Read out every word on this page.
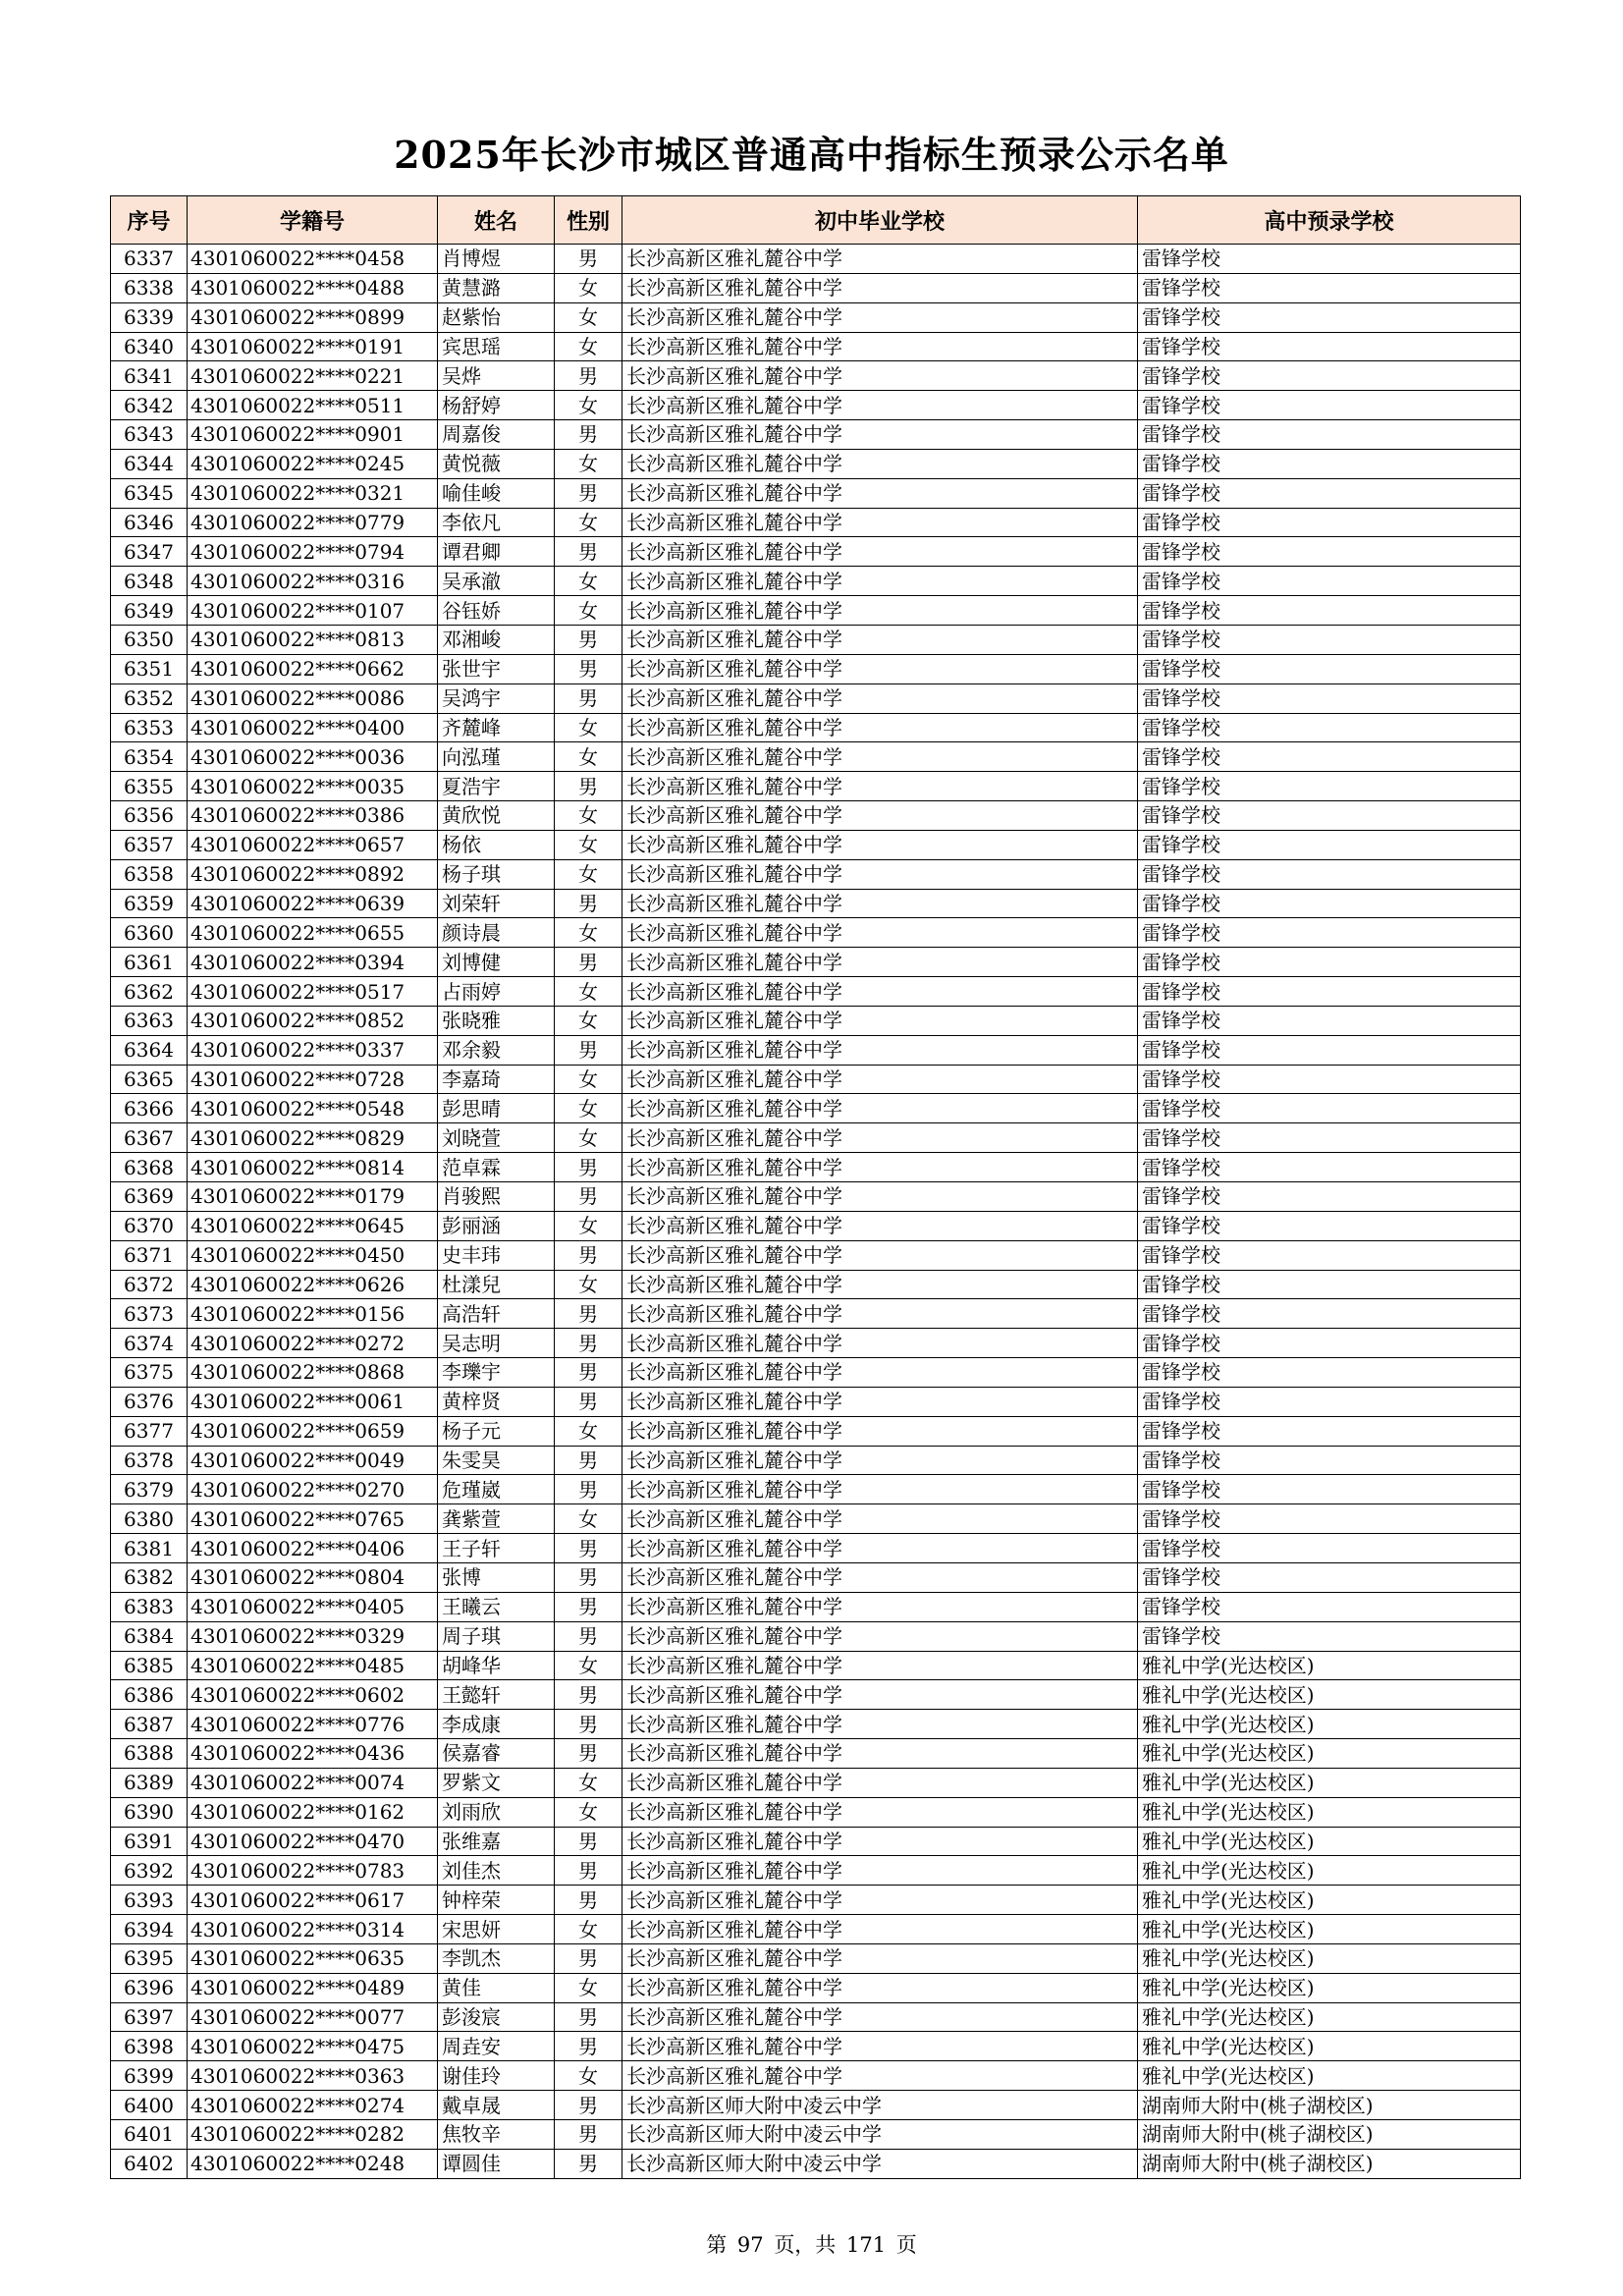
2025年长沙市城区普通高中指标生预录公示名单
序号	学籍号	姓名	性别	初中毕业学校	高中预录学校
6337	4301060022****0458	肖博煜	男	长沙高新区雅礼麓谷中学	雷锋学校
6338	4301060022****0488	黄慧潞	女	长沙高新区雅礼麓谷中学	雷锋学校
6339	4301060022****0899	赵紫怡	女	长沙高新区雅礼麓谷中学	雷锋学校
6340	4301060022****0191	宾思瑶	女	长沙高新区雅礼麓谷中学	雷锋学校
6341	4301060022****0221	吴烨	男	长沙高新区雅礼麓谷中学	雷锋学校
6342	4301060022****0511	杨舒婷	女	长沙高新区雅礼麓谷中学	雷锋学校
6343	4301060022****0901	周嘉俊	男	长沙高新区雅礼麓谷中学	雷锋学校
6344	4301060022****0245	黄悦薇	女	长沙高新区雅礼麓谷中学	雷锋学校
6345	4301060022****0321	喻佳峻	男	长沙高新区雅礼麓谷中学	雷锋学校
6346	4301060022****0779	李依凡	女	长沙高新区雅礼麓谷中学	雷锋学校
6347	4301060022****0794	谭君卿	男	长沙高新区雅礼麓谷中学	雷锋学校
6348	4301060022****0316	吴承澈	女	长沙高新区雅礼麓谷中学	雷锋学校
6349	4301060022****0107	谷钰娇	女	长沙高新区雅礼麓谷中学	雷锋学校
6350	4301060022****0813	邓湘峻	男	长沙高新区雅礼麓谷中学	雷锋学校
6351	4301060022****0662	张世宇	男	长沙高新区雅礼麓谷中学	雷锋学校
6352	4301060022****0086	吴鸿宇	男	长沙高新区雅礼麓谷中学	雷锋学校
6353	4301060022****0400	齐麓峰	女	长沙高新区雅礼麓谷中学	雷锋学校
6354	4301060022****0036	向泓瑾	女	长沙高新区雅礼麓谷中学	雷锋学校
6355	4301060022****0035	夏浩宇	男	长沙高新区雅礼麓谷中学	雷锋学校
6356	4301060022****0386	黄欣悦	女	长沙高新区雅礼麓谷中学	雷锋学校
6357	4301060022****0657	杨依	女	长沙高新区雅礼麓谷中学	雷锋学校
6358	4301060022****0892	杨子琪	女	长沙高新区雅礼麓谷中学	雷锋学校
6359	4301060022****0639	刘荣轩	男	长沙高新区雅礼麓谷中学	雷锋学校
6360	4301060022****0655	颜诗晨	女	长沙高新区雅礼麓谷中学	雷锋学校
6361	4301060022****0394	刘博健	男	长沙高新区雅礼麓谷中学	雷锋学校
6362	4301060022****0517	占雨婷	女	长沙高新区雅礼麓谷中学	雷锋学校
6363	4301060022****0852	张晓雅	女	长沙高新区雅礼麓谷中学	雷锋学校
6364	4301060022****0337	邓余毅	男	长沙高新区雅礼麓谷中学	雷锋学校
6365	4301060022****0728	李嘉琦	女	长沙高新区雅礼麓谷中学	雷锋学校
6366	4301060022****0548	彭思晴	女	长沙高新区雅礼麓谷中学	雷锋学校
6367	4301060022****0829	刘晓萱	女	长沙高新区雅礼麓谷中学	雷锋学校
6368	4301060022****0814	范卓霖	男	长沙高新区雅礼麓谷中学	雷锋学校
6369	4301060022****0179	肖骏熙	男	长沙高新区雅礼麓谷中学	雷锋学校
6370	4301060022****0645	彭丽涵	女	长沙高新区雅礼麓谷中学	雷锋学校
6371	4301060022****0450	史丰玮	男	长沙高新区雅礼麓谷中学	雷锋学校
6372	4301060022****0626	杜漾兒	女	长沙高新区雅礼麓谷中学	雷锋学校
6373	4301060022****0156	高浩轩	男	长沙高新区雅礼麓谷中学	雷锋学校
6374	4301060022****0272	吴志明	男	长沙高新区雅礼麓谷中学	雷锋学校
6375	4301060022****0868	李瓅宇	男	长沙高新区雅礼麓谷中学	雷锋学校
6376	4301060022****0061	黄梓贤	男	长沙高新区雅礼麓谷中学	雷锋学校
6377	4301060022****0659	杨子元	女	长沙高新区雅礼麓谷中学	雷锋学校
6378	4301060022****0049	朱雯昊	男	长沙高新区雅礼麓谷中学	雷锋学校
6379	4301060022****0270	危瑾崴	男	长沙高新区雅礼麓谷中学	雷锋学校
6380	4301060022****0765	龚紫萱	女	长沙高新区雅礼麓谷中学	雷锋学校
6381	4301060022****0406	王子轩	男	长沙高新区雅礼麓谷中学	雷锋学校
6382	4301060022****0804	张博	男	长沙高新区雅礼麓谷中学	雷锋学校
6383	4301060022****0405	王曦云	男	长沙高新区雅礼麓谷中学	雷锋学校
6384	4301060022****0329	周子琪	男	长沙高新区雅礼麓谷中学	雷锋学校
6385	4301060022****0485	胡峰华	女	长沙高新区雅礼麓谷中学	雅礼中学(光达校区)
6386	4301060022****0602	王懿轩	男	长沙高新区雅礼麓谷中学	雅礼中学(光达校区)
6387	4301060022****0776	李成康	男	长沙高新区雅礼麓谷中学	雅礼中学(光达校区)
6388	4301060022****0436	侯嘉睿	男	长沙高新区雅礼麓谷中学	雅礼中学(光达校区)
6389	4301060022****0074	罗紫文	女	长沙高新区雅礼麓谷中学	雅礼中学(光达校区)
6390	4301060022****0162	刘雨欣	女	长沙高新区雅礼麓谷中学	雅礼中学(光达校区)
6391	4301060022****0470	张维嘉	男	长沙高新区雅礼麓谷中学	雅礼中学(光达校区)
6392	4301060022****0783	刘佳杰	男	长沙高新区雅礼麓谷中学	雅礼中学(光达校区)
6393	4301060022****0617	钟梓荣	男	长沙高新区雅礼麓谷中学	雅礼中学(光达校区)
6394	4301060022****0314	宋思妍	女	长沙高新区雅礼麓谷中学	雅礼中学(光达校区)
6395	4301060022****0635	李凯杰	男	长沙高新区雅礼麓谷中学	雅礼中学(光达校区)
6396	4301060022****0489	黄佳	女	长沙高新区雅礼麓谷中学	雅礼中学(光达校区)
6397	4301060022****0077	彭浚宸	男	长沙高新区雅礼麓谷中学	雅礼中学(光达校区)
6398	4301060022****0475	周垚安	男	长沙高新区雅礼麓谷中学	雅礼中学(光达校区)
6399	4301060022****0363	谢佳玲	女	长沙高新区雅礼麓谷中学	雅礼中学(光达校区)
6400	4301060022****0274	戴卓晟	男	长沙高新区师大附中凌云中学	湖南师大附中(桃子湖校区)
6401	4301060022****0282	焦牧辛	男	长沙高新区师大附中凌云中学	湖南师大附中(桃子湖校区)
6402	4301060022****0248	谭圆佳	男	长沙高新区师大附中凌云中学	湖南师大附中(桃子湖校区)
第 97 页，共 171 页
